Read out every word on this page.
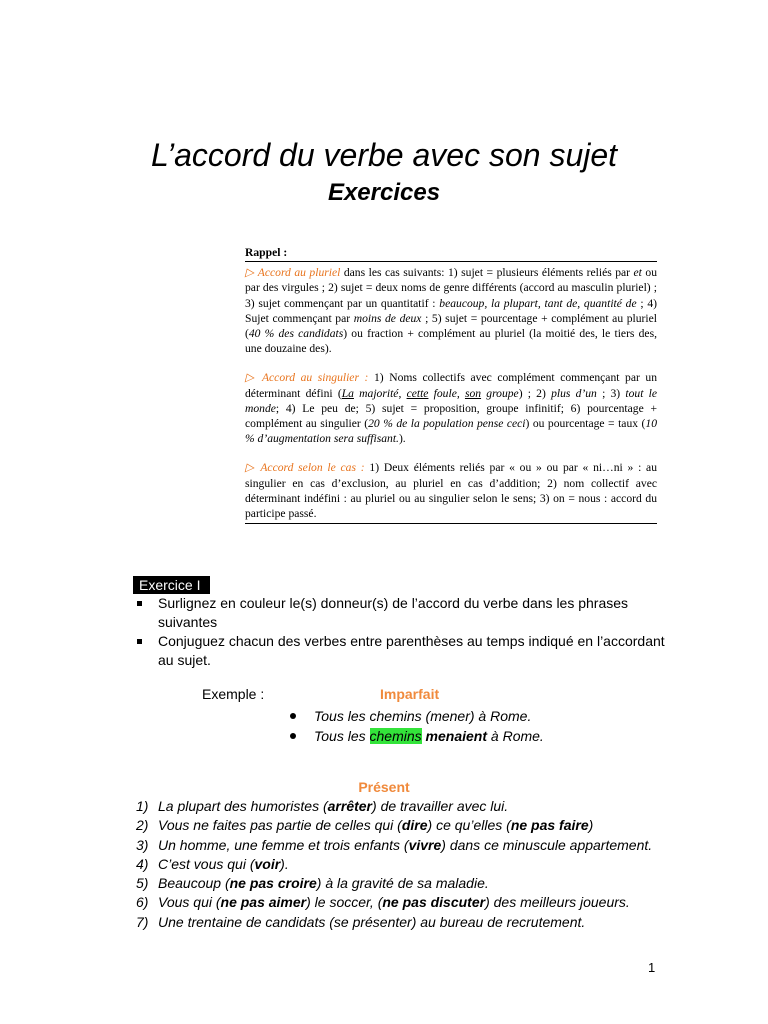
L’accord du verbe avec son sujet
Exercices
Rappel :

▷ Accord au pluriel dans les cas suivants: 1) sujet = plusieurs éléments reliés par et ou par des virgules ; 2) sujet = deux noms de genre différents (accord au masculin pluriel) ; 3) sujet commençant par un quantitatif : beaucoup, la plupart, tant de, quantité de ; 4) Sujet commençant par moins de deux ; 5) sujet = pourcentage + complément au pluriel (40 % des candidats) ou fraction + complément au pluriel (la moitié des, le tiers des, une douzaine des).

▷ Accord au singulier : 1) Noms collectifs avec complément commençant par un déterminant défini (La majorité, cette foule, son groupe) ; 2) plus d’un ; 3) tout le monde; 4) Le peu de; 5) sujet = proposition, groupe infinitif; 6) pourcentage + complément au singulier (20 % de la population pense ceci) ou pourcentage = taux (10 % d’augmentation sera suffisant.).

▷ Accord selon le cas : 1) Deux éléments reliés par « ou » ou par « ni…ni » : au singulier en cas d’exclusion, au pluriel en cas d’addition; 2) nom collectif avec déterminant indéfini : au pluriel ou au singulier selon le sens; 3) on = nous : accord du participe passé.

Exercice I
Surlignez en couleur le(s) donneur(s) de l’accord du verbe dans les phrases suivantes
Conjuguez chacun des verbes entre parenthèses au temps indiqué en l’accordant au sujet.
Exemple :	Imparfait
Tous les chemins (mener) à Rome.
Tous les chemins menaient à Rome.
Présent
1) La plupart des humoristes (arrêter) de travailler avec lui.
2) Vous ne faites pas partie de celles qui (dire) ce qu’elles (ne pas faire)
3) Un homme, une femme et trois enfants (vivre) dans ce minuscule appartement.
4) C’est vous qui (voir).
5) Beaucoup (ne pas croire) à la gravité de sa maladie.
6) Vous qui (ne pas aimer) le soccer, (ne pas discuter) des meilleurs joueurs.
7) Une trentaine de candidats (se présenter) au bureau de recrutement.
1
